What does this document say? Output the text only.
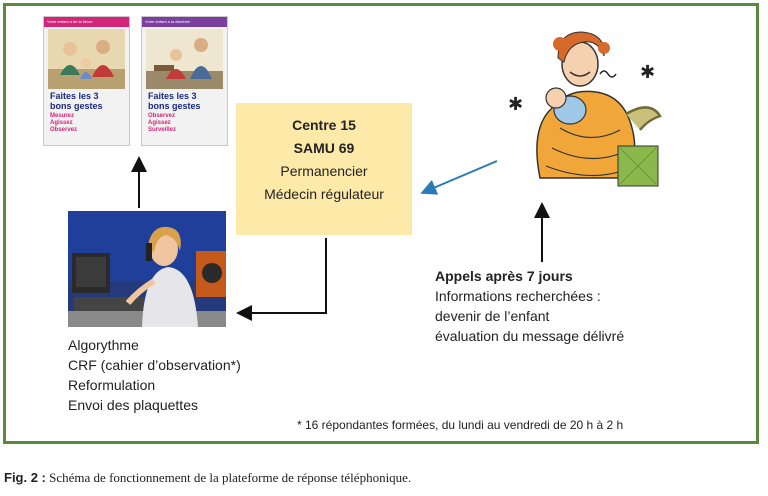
Votre enfant a de la fièvre
Faites les 3
bons gestes
Mesurez
Agissez
Observez
Votre enfant a la diarrhée
Faites les 3
bons gestes
Observez
Agissez
Surveillez	Centre 15
SAMU 69
Permanencier
Médecin régulateur
✱
✱
Algorythme
CRF (cahier d’observation*)
Reformulation
Envoi des plaquettes
Appels après 7 jours
Informations recherchées :
devenir de l’enfant
évaluation du message délivré
* 16 répondantes formées, du lundi au vendredi de 20 h à 2 h
Fig. 2 : Schéma de fonctionnement de la plateforme de réponse téléphonique.
